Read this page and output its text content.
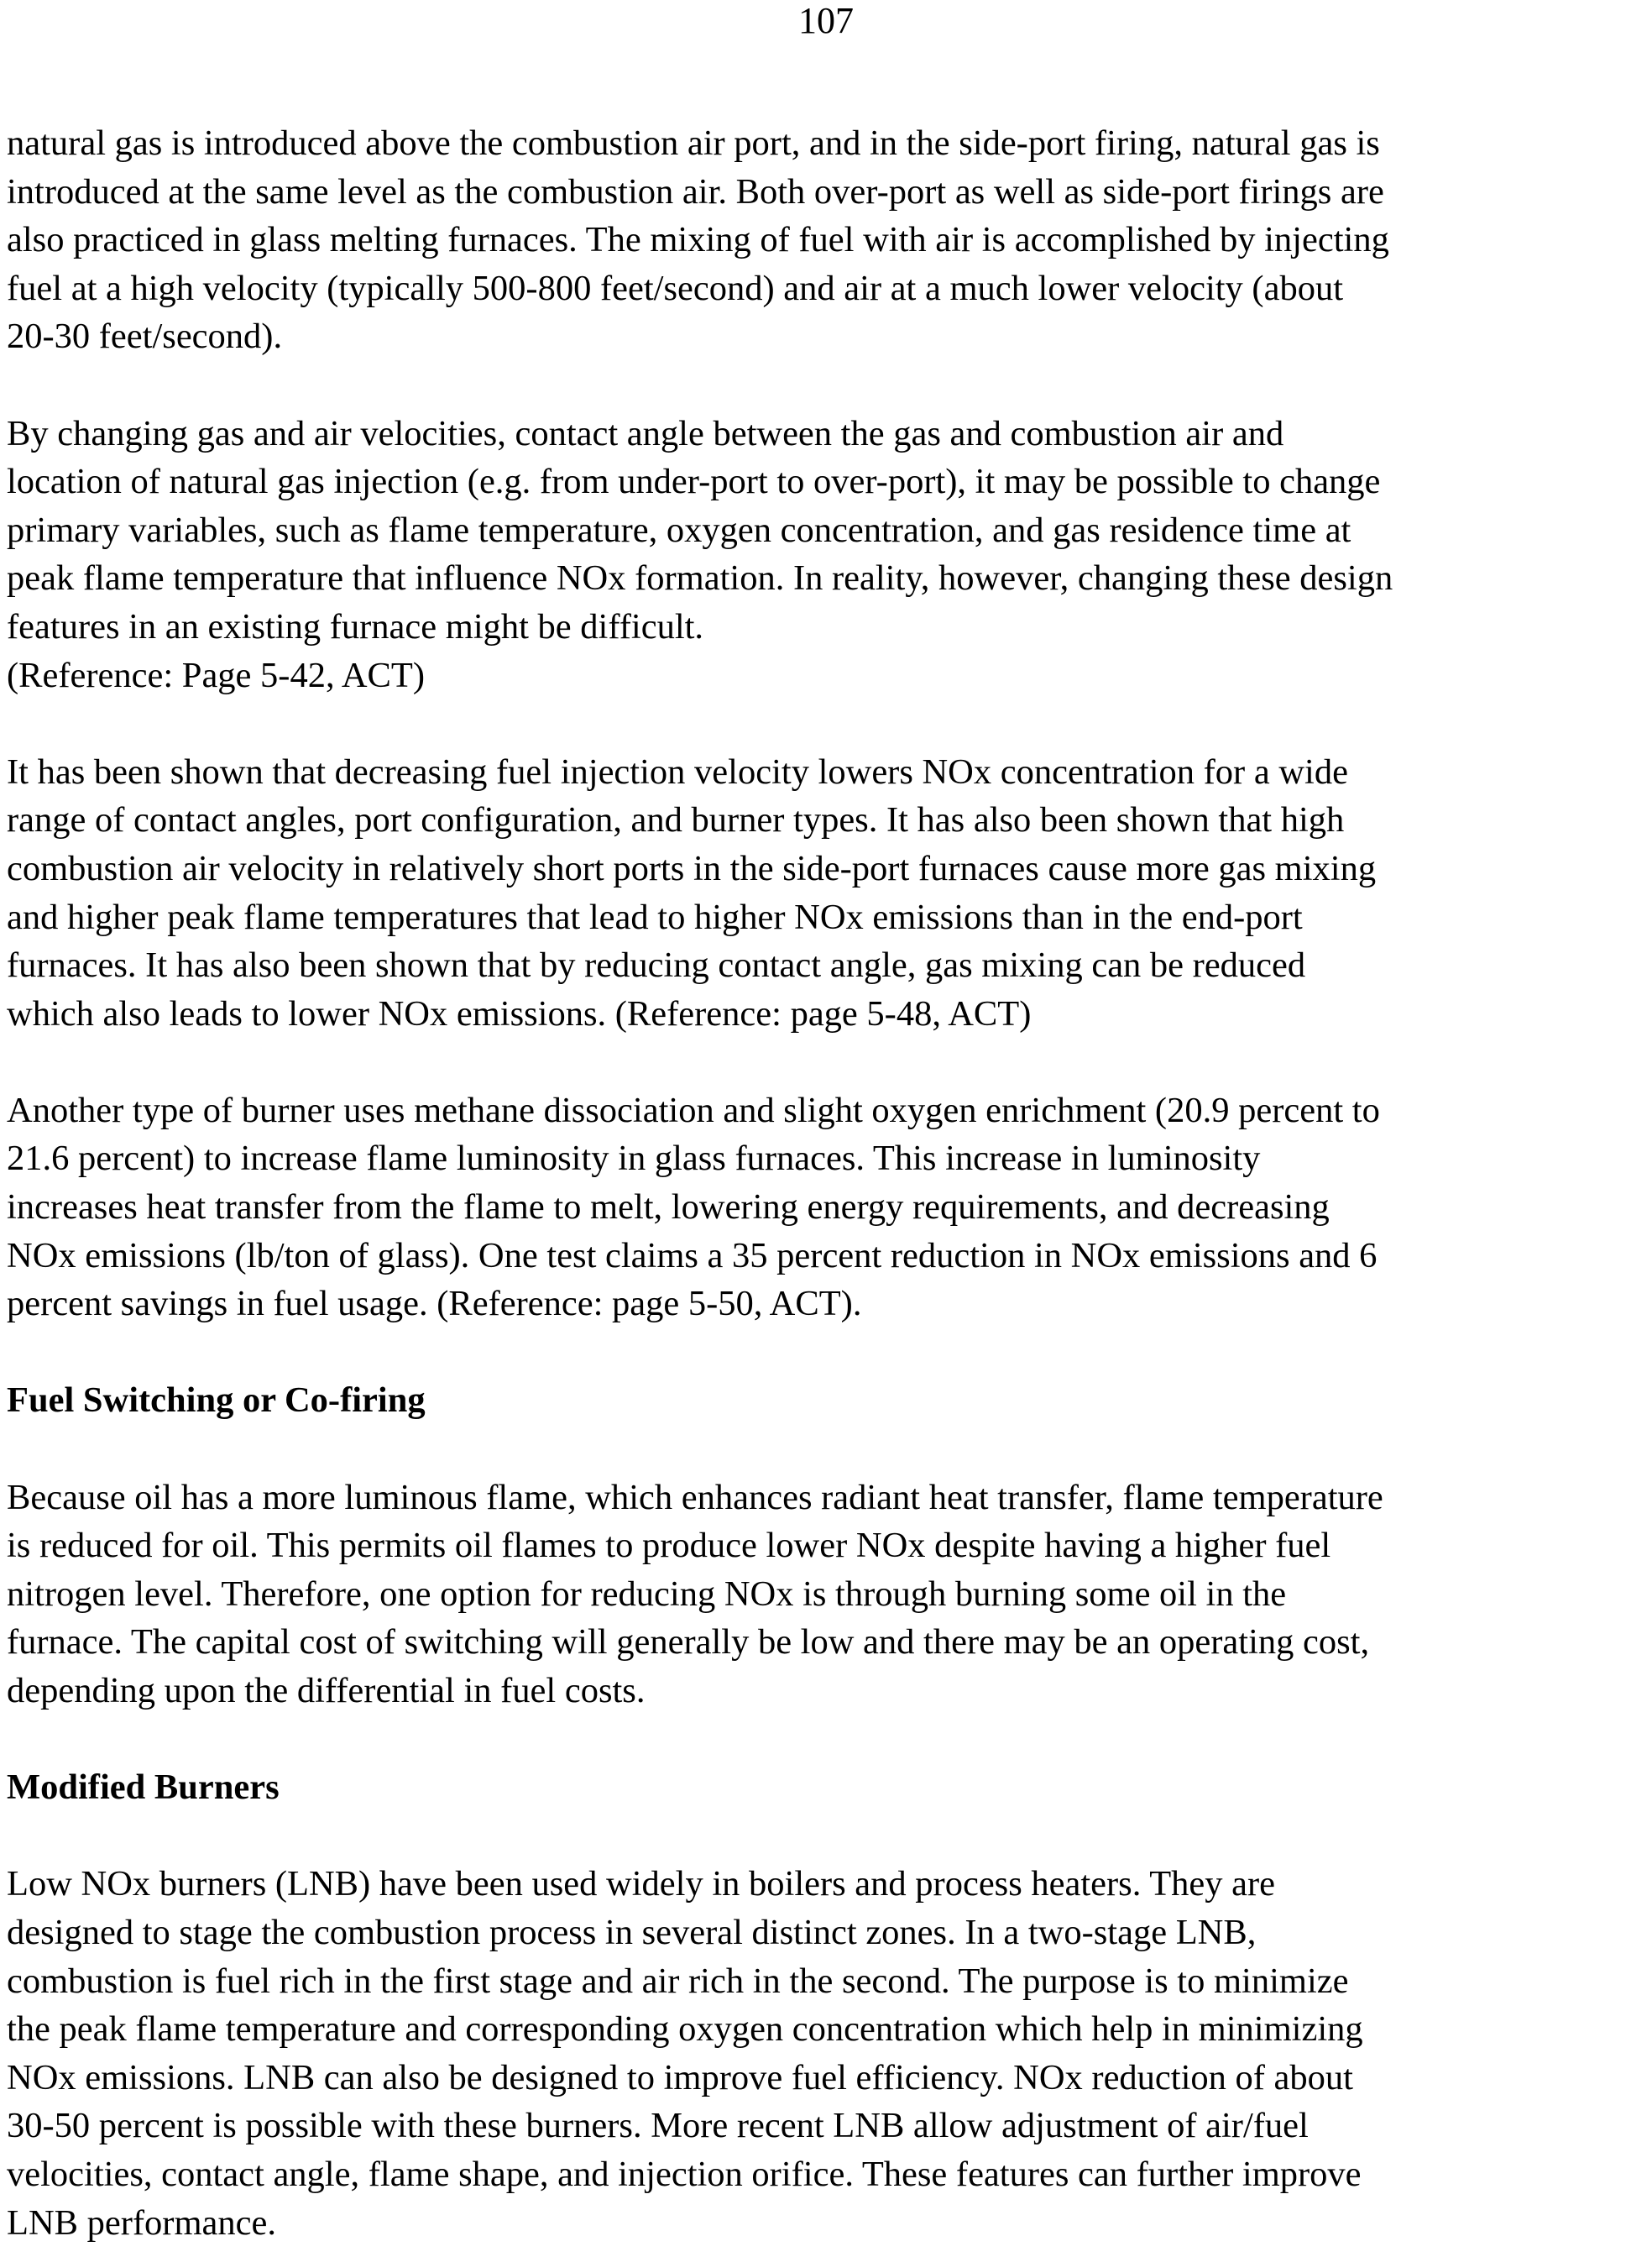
107

natural gas is introduced above the combustion air port, and in the side-port firing, natural gas is
introduced at the same level as the combustion air. Both over-port as well as side-port firings are
also practiced in glass melting furnaces. The mixing of fuel with air is accomplished by injecting
fuel at a high velocity (typically 500-800 feet/second) and air at a much lower velocity (about
20-30 feet/second).

By changing gas and air velocities, contact angle between the gas and combustion air and
location of natural gas injection (e.g. from under-port to over-port), it may be possible to change
primary variables, such as flame temperature, oxygen concentration, and gas residence time at
peak flame temperature that influence NOx formation. In reality, however, changing these design
features in an existing furnace might be difficult.
(Reference: Page 5-42, ACT)

It has been shown that decreasing fuel injection velocity lowers NOx concentration for a wide
range of contact angles, port configuration, and burner types. It has also been shown that high
combustion air velocity in relatively short ports in the side-port furnaces cause more gas mixing
and higher peak flame temperatures that lead to higher NOx emissions than in the end-port
furnaces. It has also been shown that by reducing contact angle, gas mixing can be reduced
which also leads to lower NOx emissions. (Reference: page 5-48, ACT)

Another type of burner uses methane dissociation and slight oxygen enrichment (20.9 percent to
21.6 percent) to increase flame luminosity in glass furnaces. This increase in luminosity
increases heat transfer from the flame to melt, lowering energy requirements, and decreasing
NOx emissions (lb/ton of glass). One test claims a 35 percent reduction in NOx emissions and 6
percent savings in fuel usage. (Reference: page 5-50, ACT).

Fuel Switching or Co-firing

Because oil has a more luminous flame, which enhances radiant heat transfer, flame temperature
is reduced for oil. This permits oil flames to produce lower NOx despite having a higher fuel
nitrogen level. Therefore, one option for reducing NOx is through burning some oil in the
furnace. The capital cost of switching will generally be low and there may be an operating cost,
depending upon the differential in fuel costs.

Modified Burners

Low NOx burners (LNB) have been used widely in boilers and process heaters. They are
designed to stage the combustion process in several distinct zones. In a two-stage LNB,
combustion is fuel rich in the first stage and air rich in the second. The purpose is to minimize
the peak flame temperature and corresponding oxygen concentration which help in minimizing
NOx emissions. LNB can also be designed to improve fuel efficiency. NOx reduction of about
30-50 percent is possible with these burners. More recent LNB allow adjustment of air/fuel
velocities, contact angle, flame shape, and injection orifice. These features can further improve
LNB performance.
